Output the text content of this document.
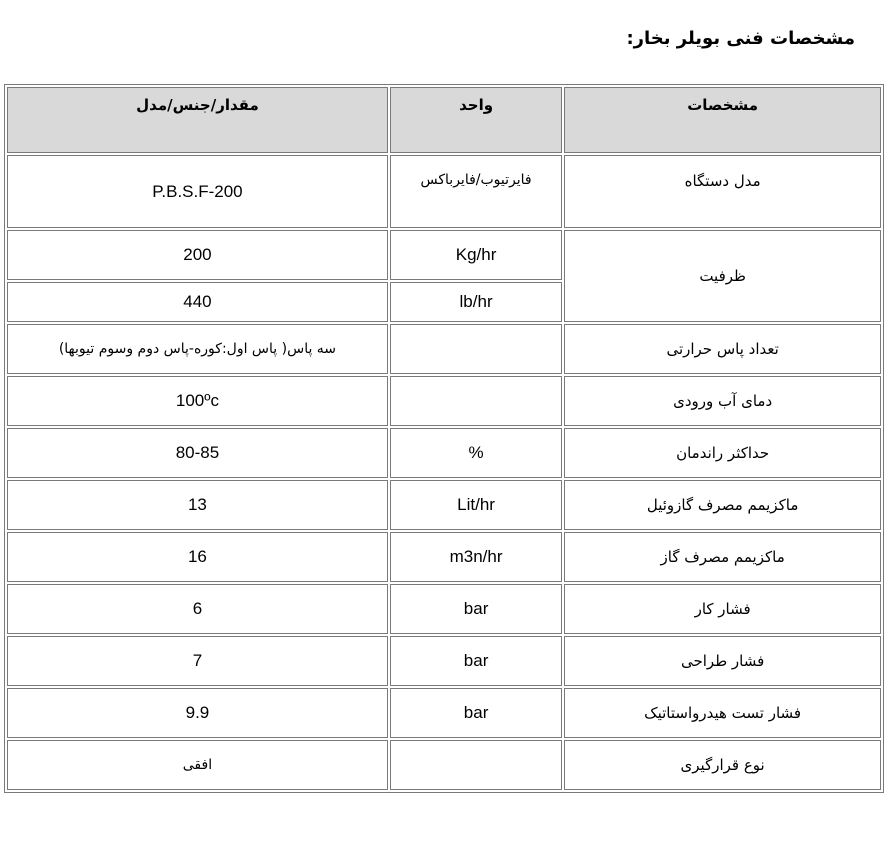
مشخصات فنی بویلر بخار:
مقدار/جنس/مدل	واحد	مشخصات
P.B.S.F-200	فایرتیوب/فایرباکس	مدل دستگاه
200	Kg/hr	ظرفیت
440	lb/hr	
سه پاس( پاس اول:کوره-پاس دوم وسوم تیوبها)		تعداد پاس حرارتی
100ºc		دمای آب ورودی
80-85	%	حداکثر راندمان
13	Lit/hr	ماکزیمم مصرف گازوئیل
16	m3n/hr	ماکزیمم مصرف گاز
6	bar	فشار کار
7	bar	فشار طراحی
9.9	bar	فشار تست هیدرواستاتیک
افقی		نوع قرارگیری
